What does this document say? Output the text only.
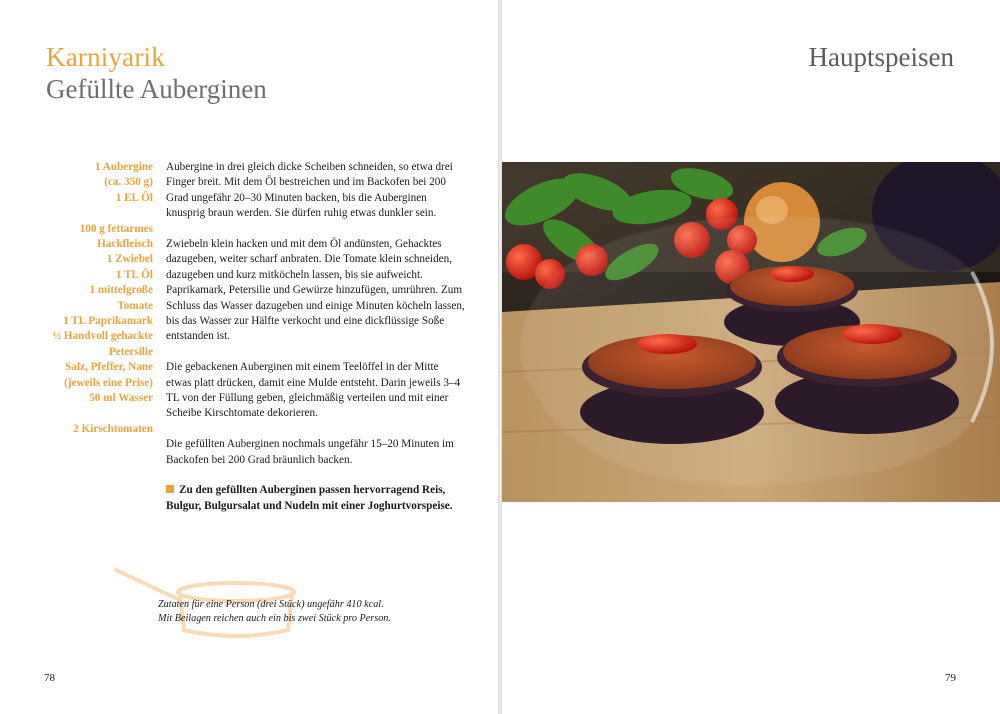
Karniyarik
Gefüllte Auberginen
1 Aubergine
(ca. 350 g)
1 EL Öl
100 g fettarmes
Hackfleisch
1 Zwiebel
1 TL Öl
1 mittelgroße
Tomate
1 TL Paprikamark
½ Handvoll gehackte
Petersilie
Salz, Pfeffer, Nane
(jeweils eine Prise)
50 ml Wasser
2 Kirschtomaten

Aubergine in drei gleich dicke Scheiben schneiden, so etwa drei Finger breit. Mit dem Öl bestreichen und im Backofen bei 200 Grad ungefähr 20–30 Minuten backen, bis die Auberginen knusprig braun werden. Sie dürfen ruhig etwas dunkler sein.

Zwiebeln klein hacken und mit dem Öl andünsten, Gehacktes dazugeben, weiter scharf anbraten. Die Tomate klein schneiden, dazugeben und kurz mitköcheln lassen, bis sie aufweicht. Paprikamark, Petersilie und Gewürze hinzufügen, umrühren. Zum Schluss das Wasser dazugeben und einige Minuten köcheln lassen, bis das Wasser zur Hälfte verkocht und eine dickflüssige Soße entstanden ist.

Die gebackenen Auberginen mit einem Teelöffel in der Mitte etwas platt drücken, damit eine Mulde entsteht. Darin jeweils 3–4 TL von der Füllung geben, gleichmäßig verteilen und mit einer Scheibe Kirschtomate dekorieren.

Die gefüllten Auberginen nochmals ungefähr 15–20 Minuten im Backofen bei 200 Grad bräunlich backen.

Zu den gefüllten Auberginen passen hervorragend Reis, Bulgur, Bulgursalat und Nudeln mit einer Joghurtvorspeise.

Zutaten für eine Person (drei Stück) ungefähr 410 kcal.
Mit Beilagen reichen auch ein bis zwei Stück pro Person.
78
Hauptspeisen
79
